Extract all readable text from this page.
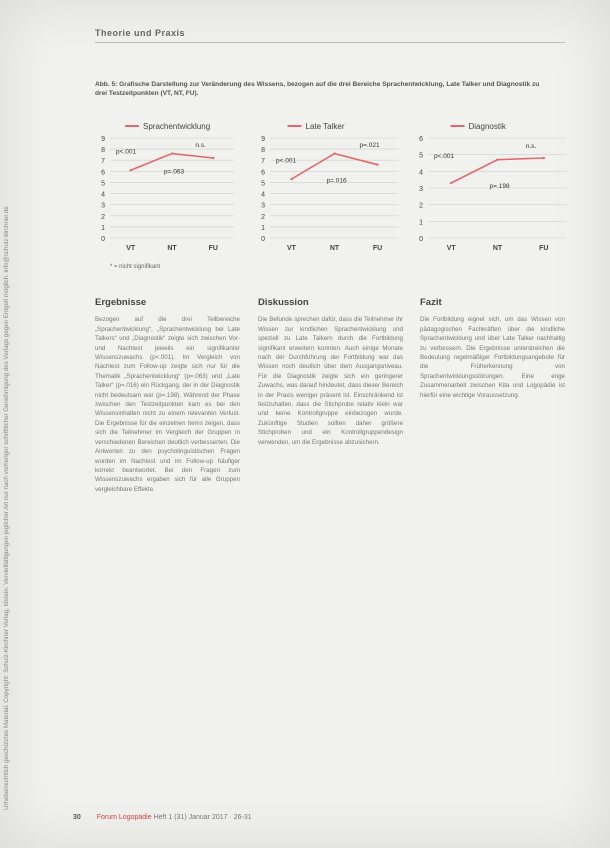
Urheberrechtlich geschütztes Material. Copyright: Schulz-Kirchner Verlag, Idstein. Vervielfältigungen jeglicher Art nur nach vorheriger schriftlicher Genehmigung des Verlags gegen Entgelt möglich. info@schulz-kirchner.de
Theorie und Praxis
Abb. 5: Grafische Darstellung zur Veränderung des Wissens, bezogen auf die drei Bereiche Sprachentwicklung, Late Talker und Diagnostik zu drei Testzeitpunkten (VT, NT, FU).
Sprachentwicklung
0
1
2
3
4
5
6
7
8
9
VT	NT	FU
p<.001
n.s.
p=.063
Late Talker
0
1
2
3
4
5
6
7
8
9
VT	NT	FU
p<.001
p=.021
p=.016
Diagnostik
0
1
2
3
4
5
6
VT	NT	FU
p<.001
n.s.
p=.198
* = nicht signifikant
Ergebnisse

Bezogen auf die drei Teilbereiche „Sprachentwicklung“, „Sprachentwicklung bei Late Talkers“ und „Diagnostik“ zeigte sich zwischen Vor- und Nachtest jeweils ein signifikanter Wissenszuwachs (p<.001). Im Vergleich von Nachtest zum Follow-up zeigte sich nur für die Thematik „Sprachentwicklung“ (p=.063) und „Late Talker“ (p=.016) ein Rückgang, der in der Diagnostik nicht bedeutsam war (p=.198). Während der Phase zwischen den Testzeitpunkten kam es bei den Wissensinhalten nicht zu einem relevanten Verlust. Die Ergebnisse für die einzelnen Items zeigen, dass sich die Teilnehmer im Vergleich der Gruppen in verschiedenen Bereichen deutlich verbesserten. Die Antworten zu den psycholinguistischen Fragen wurden im Nachtest und im Follow-up häufiger korrekt beantwortet. Bei den Fragen zum Wissenszuwachs ergaben sich für alle Gruppen vergleichbare Effekte.

Diskussion

Die Befunde sprechen dafür, dass die Teilnehmer ihr Wissen zur kindlichen Sprachentwicklung und speziell zu Late Talkern durch die Fortbildung signifikant erweitern konnten. Auch einige Monate nach der Durchführung der Fortbildung war das Wissen noch deutlich über dem Ausgangsniveau. Für die Diagnostik zeigte sich ein geringerer Zuwachs, was darauf hindeutet, dass dieser Bereich in der Praxis weniger präsent ist. Einschränkend ist festzuhalten, dass die Stichprobe relativ klein war und keine Kontrollgruppe einbezogen wurde. Zukünftige Studien sollten daher größere Stichproben und ein Kontrollgruppendesign verwenden, um die Ergebnisse abzusichern.

Fazit

Die Fortbildung eignet sich, um das Wissen von pädagogischen Fachkräften über die kindliche Sprachentwicklung und über Late Talker nachhaltig zu verbessern. Die Ergebnisse unterstreichen die Bedeutung regelmäßiger Fortbildungsangebote für die Früherkennung von Sprachentwicklungsstörungen. Eine enge Zusammenarbeit zwischen Kita und Logopädie ist hierfür eine wichtige Voraussetzung.

30 Forum Logopädie Heft 1 (31) Januar 2017 · 26-31
